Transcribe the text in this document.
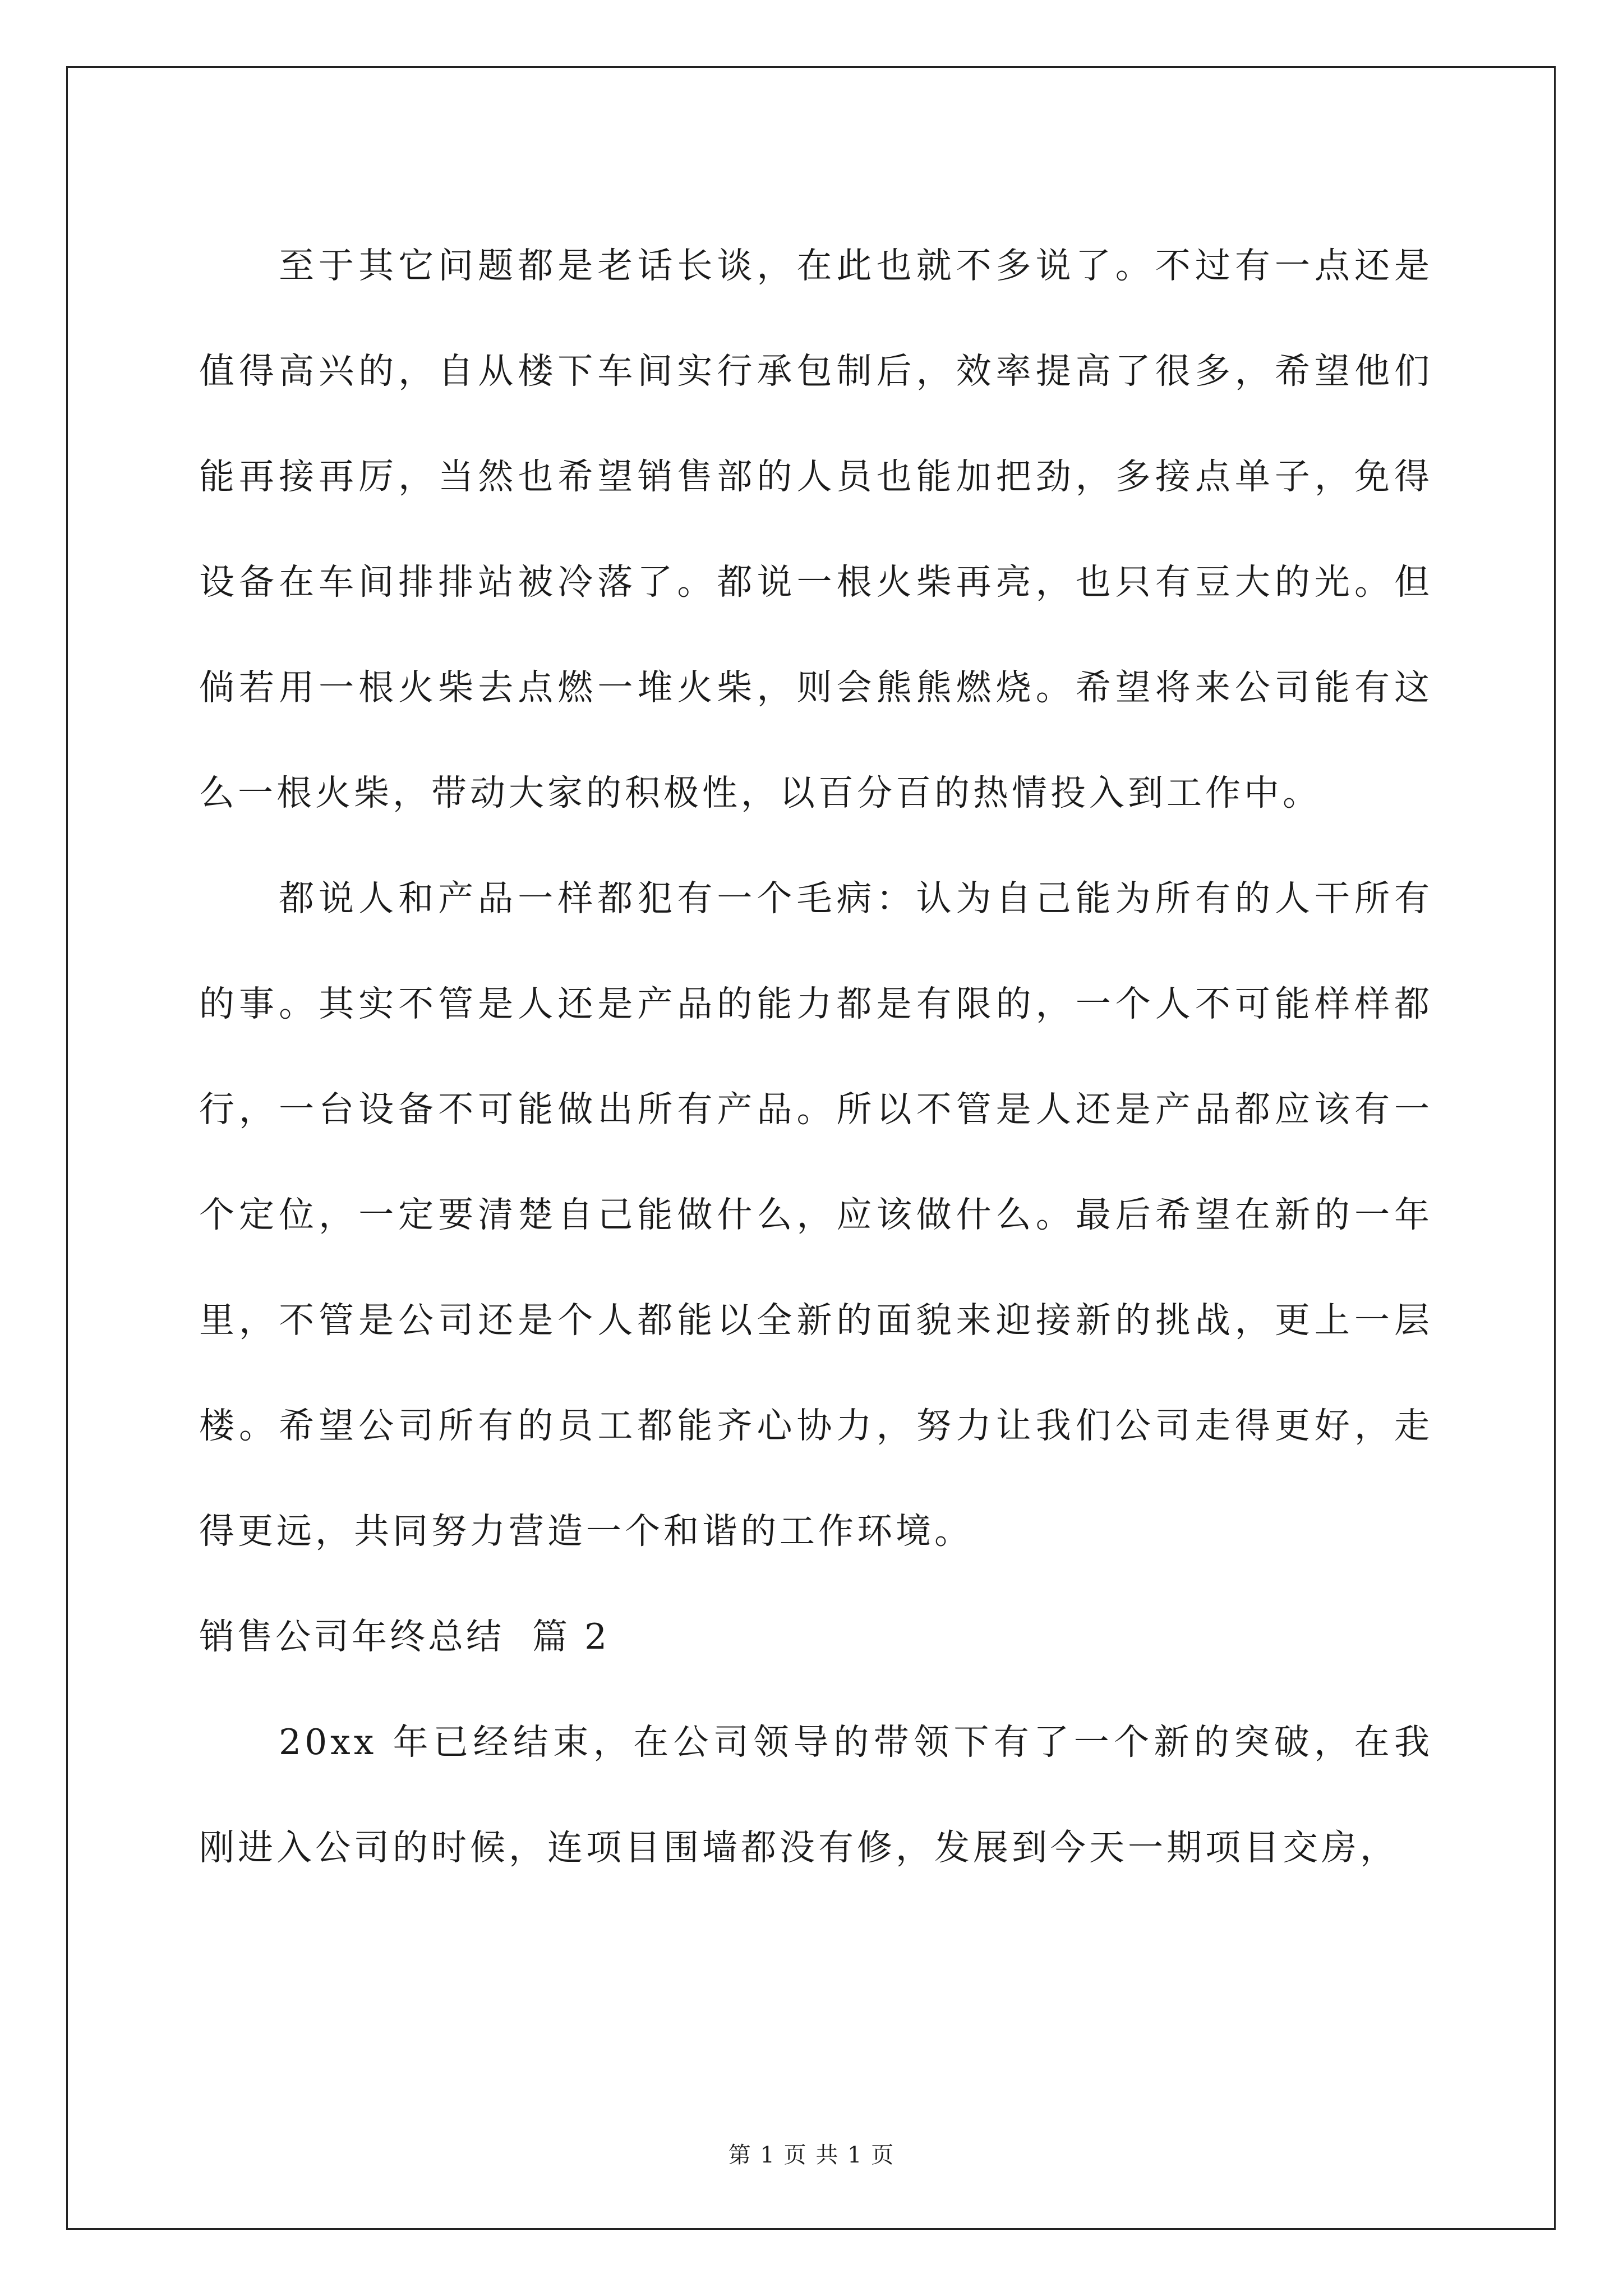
至于其它问题都是老话长谈，在此也就不多说了。不过有一点还是值得高兴的，自从楼下车间实行承包制后，效率提高了很多，希望他们能再接再厉，当然也希望销售部的人员也能加把劲，多接点单子，免得设备在车间排排站被冷落了。都说一根火柴再亮，也只有豆大的光。但倘若用一根火柴去点燃一堆火柴，则会熊熊燃烧。希望将来公司能有这么一根火柴，带动大家的积极性，以百分百的热情投入到工作中。

都说人和产品一样都犯有一个毛病：认为自己能为所有的人干所有的事。其实不管是人还是产品的能力都是有限的，一个人不可能样样都行，一台设备不可能做出所有产品。所以不管是人还是产品都应该有一个定位，一定要清楚自己能做什么，应该做什么。最后希望在新的一年里，不管是公司还是个人都能以全新的面貌来迎接新的挑战，更上一层楼。希望公司所有的员工都能齐心协力，努力让我们公司走得更好，走得更远，共同努力营造一个和谐的工作环境。

销售公司年终总结  篇 2

20xx 年已经结束，在公司领导的带领下有了一个新的突破，在我刚进入公司的时候，连项目围墙都没有修，发展到今天一期项目交房，

第 1 页 共 1 页
